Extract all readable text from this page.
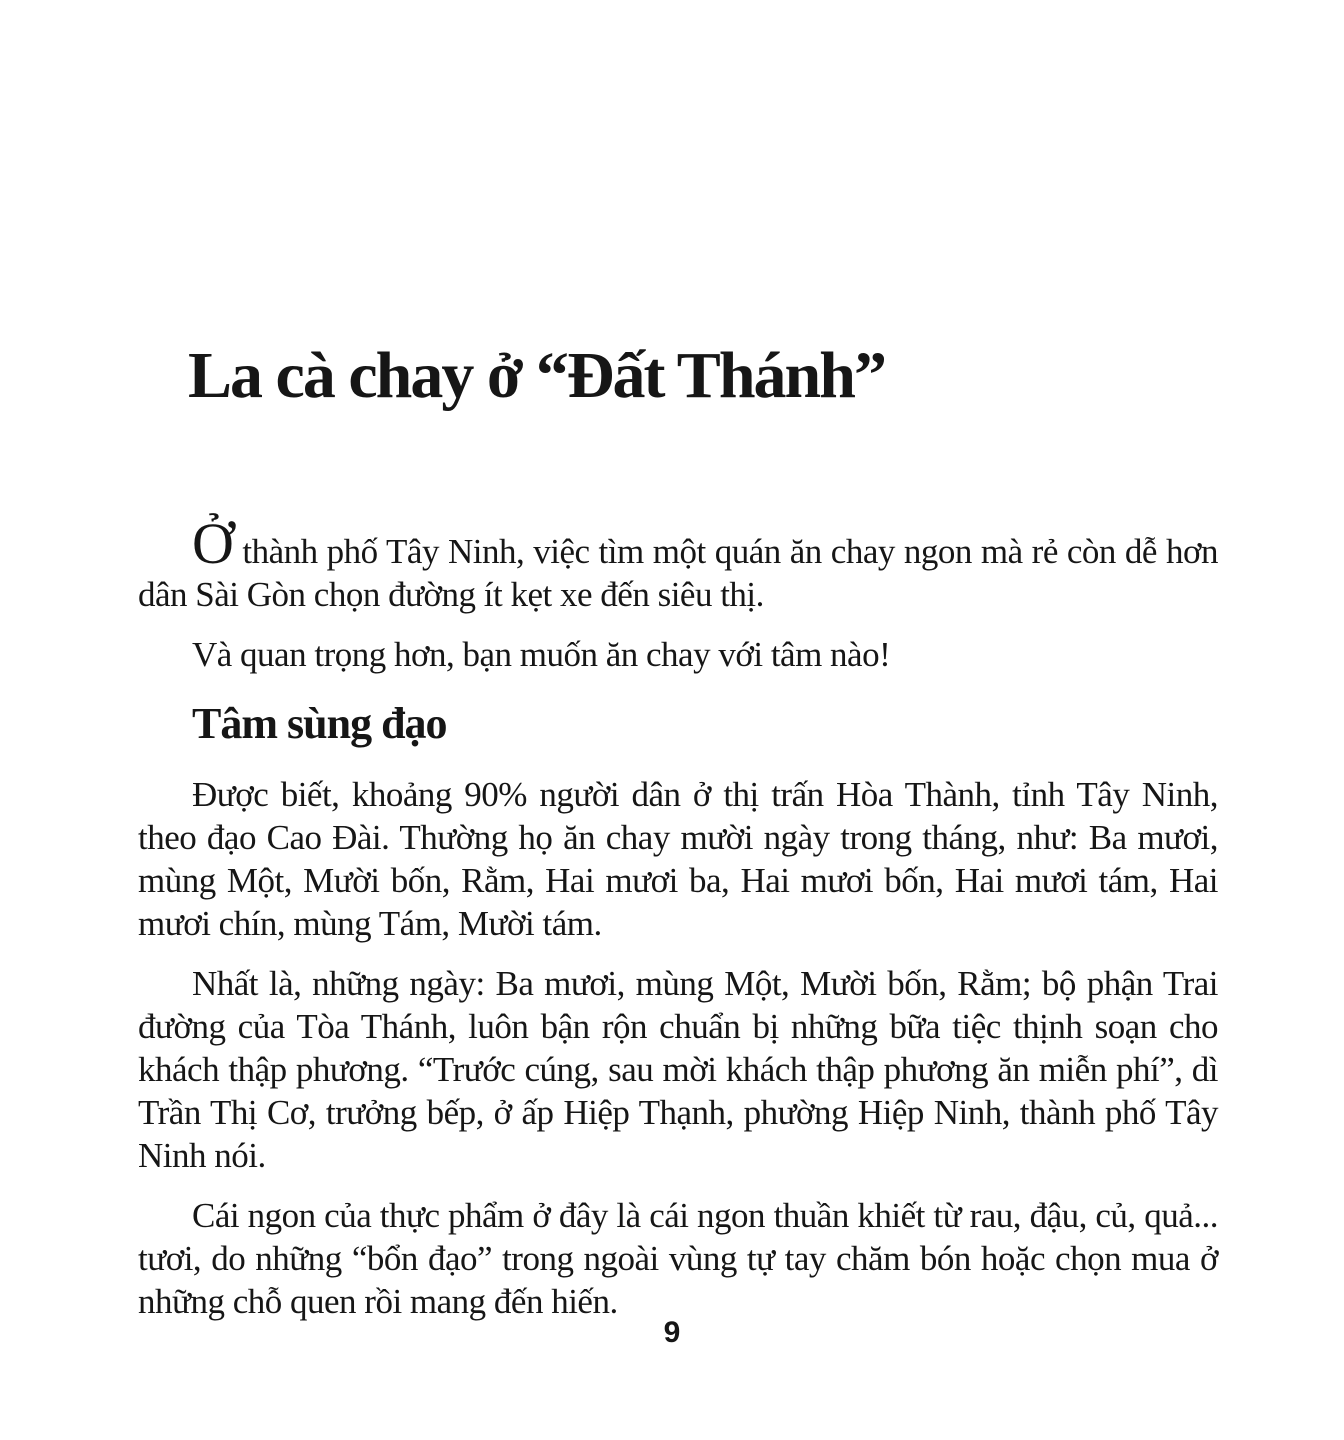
La cà chay ở “Đất Thánh”

Ởthành phố Tây Ninh, việc tìm một quán ăn chay ngon mà rẻ còn dễ hơn dân Sài Gòn chọn đường ít kẹt xe đến siêu thị.

Và quan trọng hơn, bạn muốn ăn chay với tâm nào!

Tâm sùng đạo

Được biết, khoảng 90% người dân ở thị trấn Hòa Thành, tỉnh Tây Ninh, theo đạo Cao Đài. Thường họ ăn chay mười ngày trong tháng, như: Ba mươi, mùng Một, Mười bốn, Rằm, Hai mươi ba, Hai mươi bốn, Hai mươi tám, Hai mươi chín, mùng Tám, Mười tám.

Nhất là, những ngày: Ba mươi, mùng Một, Mười bốn, Rằm; bộ phận Trai đường của Tòa Thánh, luôn bận rộn chuẩn bị những bữa tiệc thịnh soạn cho khách thập phương. “Trước cúng, sau mời khách thập phương ăn miễn phí”, dì Trần Thị Cơ, trưởng bếp, ở ấp Hiệp Thạnh, phường Hiệp Ninh, thành phố Tây Ninh nói.

Cái ngon của thực phẩm ở đây là cái ngon thuần khiết từ rau, đậu, củ, quả... tươi, do những “bổn đạo” trong ngoài vùng tự tay chăm bón hoặc chọn mua ở những chỗ quen rồi mang đến hiến.

9
